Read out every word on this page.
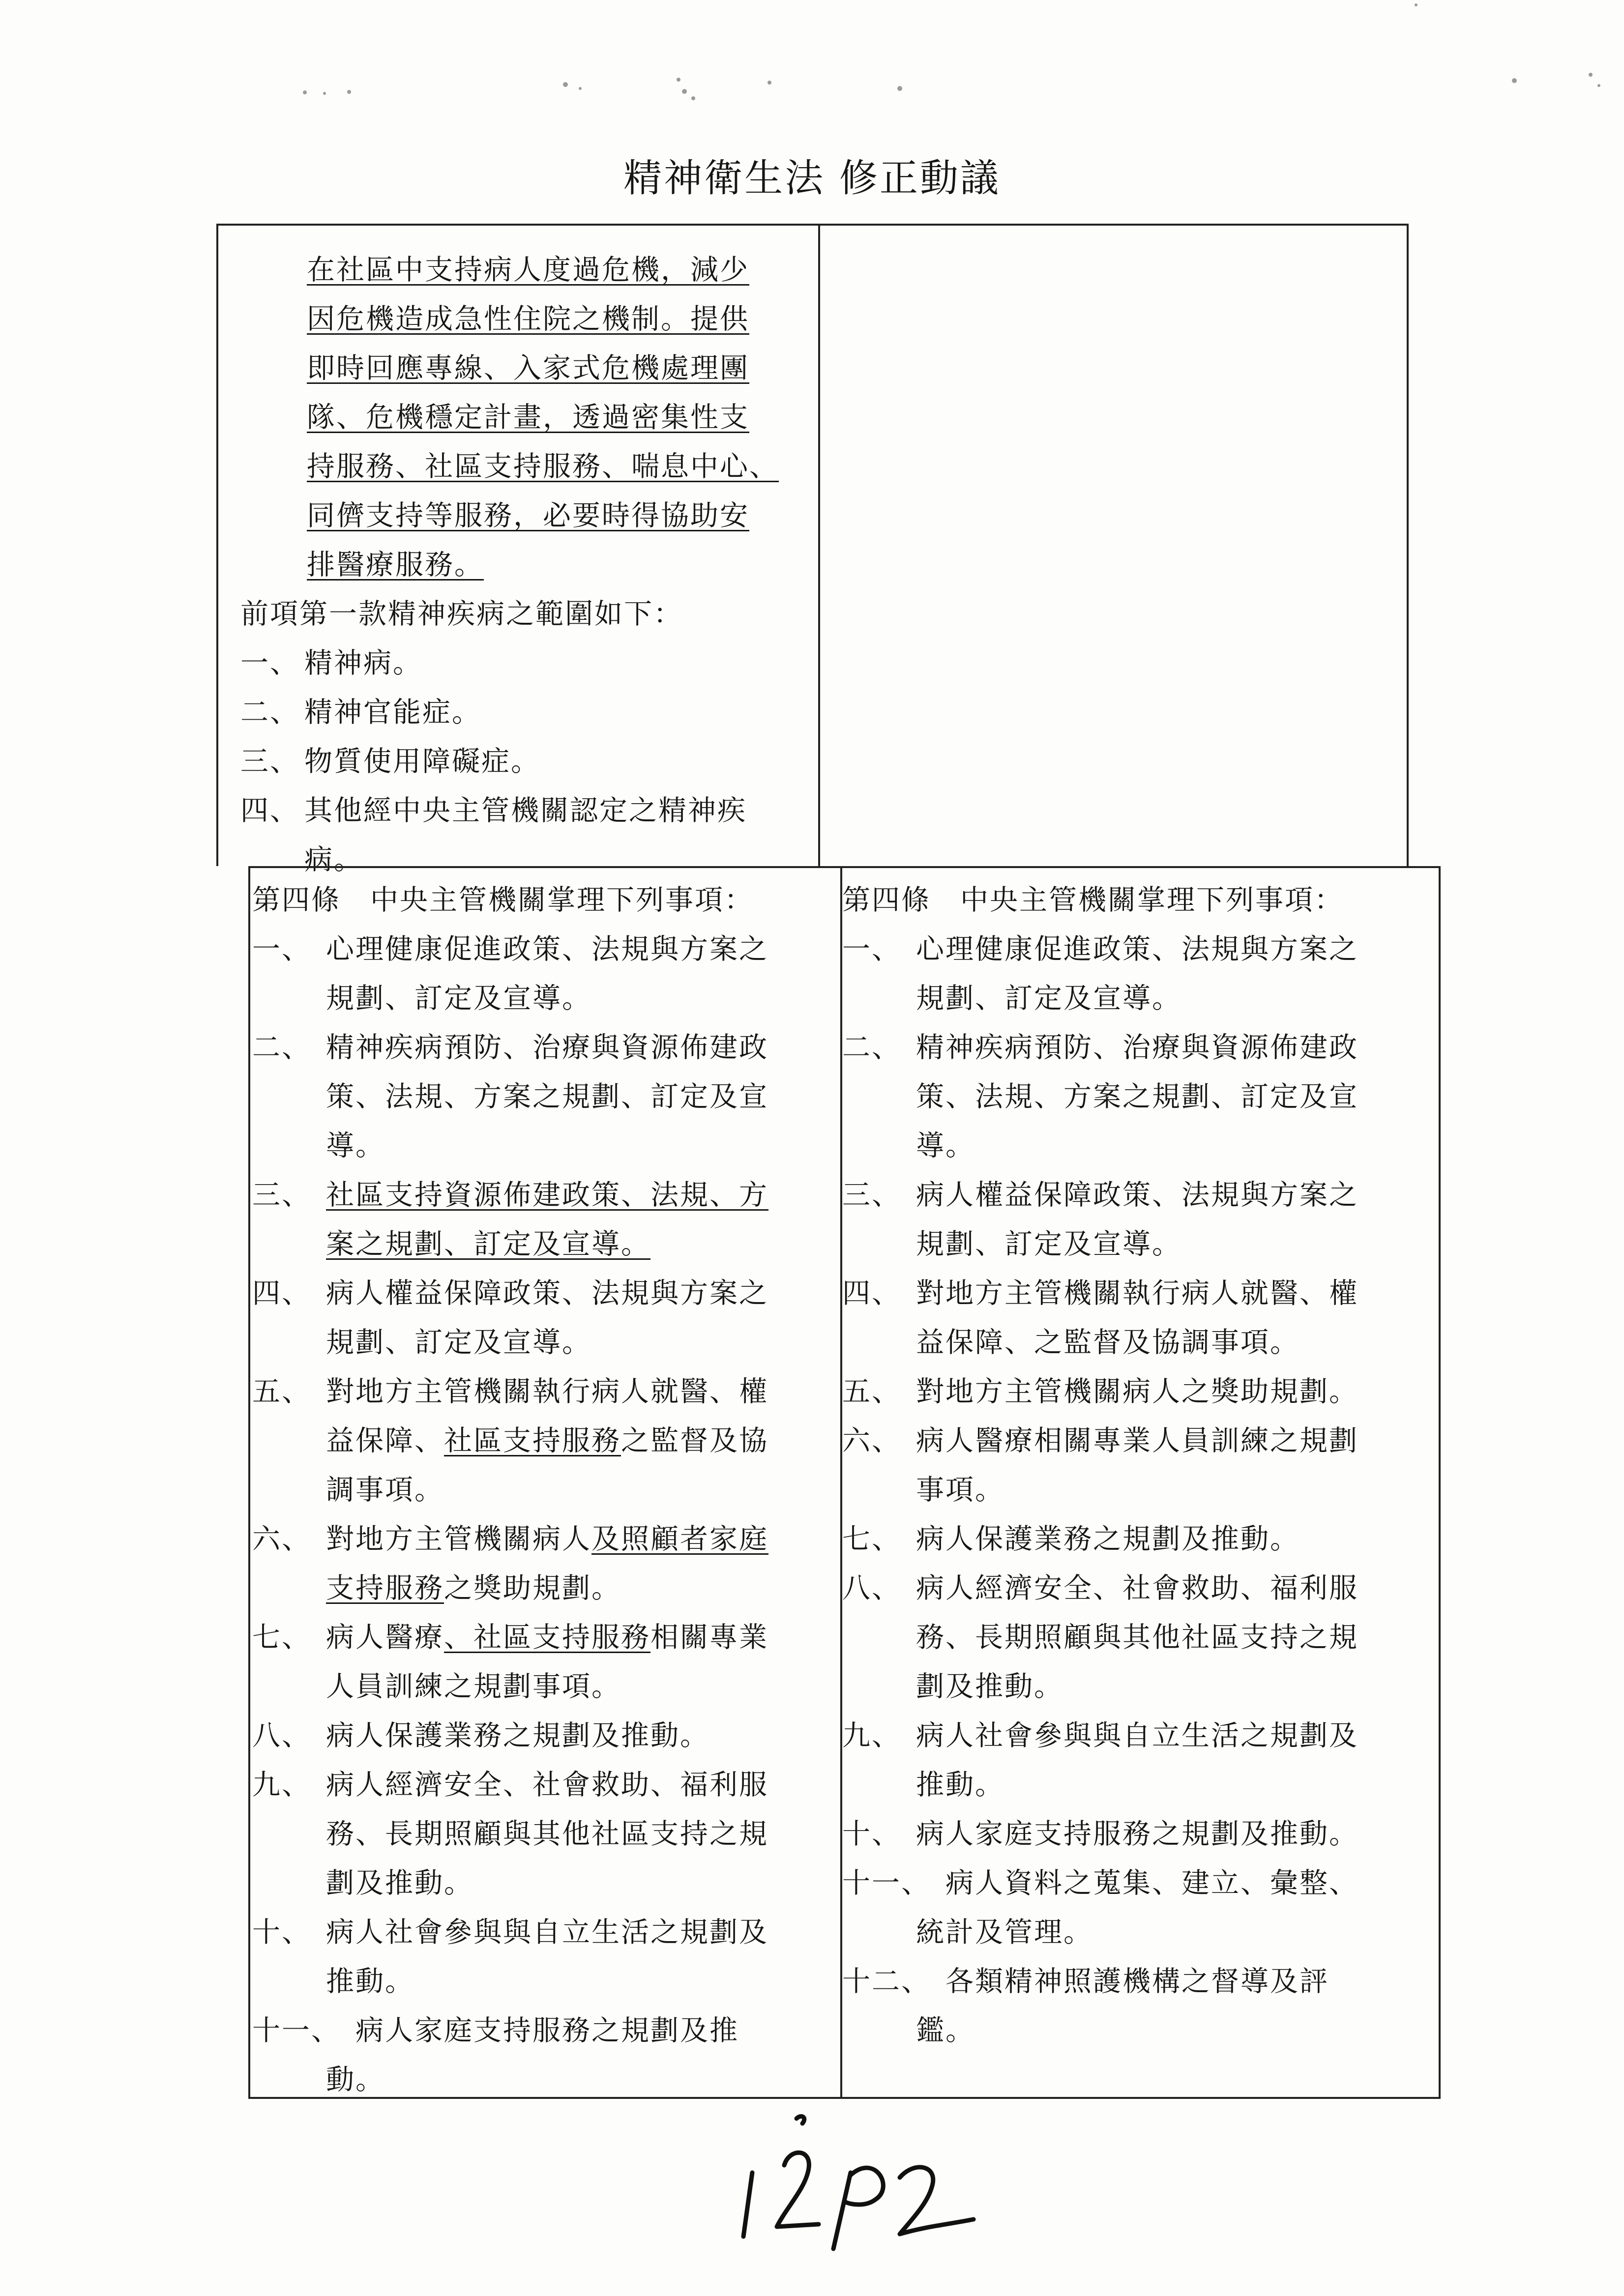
精神衛生法 修正動議
在社區中支持病人度過危機，減少
因危機造成急性住院之機制。提供
即時回應專線、入家式危機處理團
隊、危機穩定計畫，透過密集性支
持服務、社區支持服務、喘息中心、
同儕支持等服務，必要時得協助安
排醫療服務。
前項第一款精神疾病之範圍如下：
一、 精神病。
二、 精神官能症。
三、 物質使用障礙症。
四、 其他經中央主管機關認定之精神疾
病。
第四條　中央主管機關掌理下列事項：
一、 心理健康促進政策、法規與方案之
規劃、訂定及宣導。
二、 精神疾病預防、治療與資源佈建政
策、法規、方案之規劃、訂定及宣
導。
三、 社區支持資源佈建政策、法規、方
案之規劃、訂定及宣導。
四、 病人權益保障政策、法規與方案之
規劃、訂定及宣導。
五、 對地方主管機關執行病人就醫、權
益保障、社區支持服務之監督及協
調事項。
六、 對地方主管機關病人及照顧者家庭
支持服務之獎助規劃。
七、 病人醫療、社區支持服務相關專業
人員訓練之規劃事項。
八、 病人保護業務之規劃及推動。
九、 病人經濟安全、社會救助、福利服
務、長期照顧與其他社區支持之規
劃及推動。
十、 病人社會參與與自立生活之規劃及
推動。
十一、
　病人家庭支持服務之規劃及推
動。
第四條　中央主管機關掌理下列事項：
一、 心理健康促進政策、法規與方案之
規劃、訂定及宣導。
二、 精神疾病預防、治療與資源佈建政
策、法規、方案之規劃、訂定及宣
導。
三、 病人權益保障政策、法規與方案之
規劃、訂定及宣導。
四、 對地方主管機關執行病人就醫、權
益保障、之監督及協調事項。
五、 對地方主管機關病人之獎助規劃。
六、 病人醫療相關專業人員訓練之規劃
事項。
七、 病人保護業務之規劃及推動。
八、 病人經濟安全、社會救助、福利服
務、長期照顧與其他社區支持之規
劃及推動。
九、 病人社會參與與自立生活之規劃及
推動。
十、 病人家庭支持服務之規劃及推動。
十一、
　病人資料之蒐集、建立、彙整、
統計及管理。
十二、
　各類精神照護機構之督導及評
鑑。
